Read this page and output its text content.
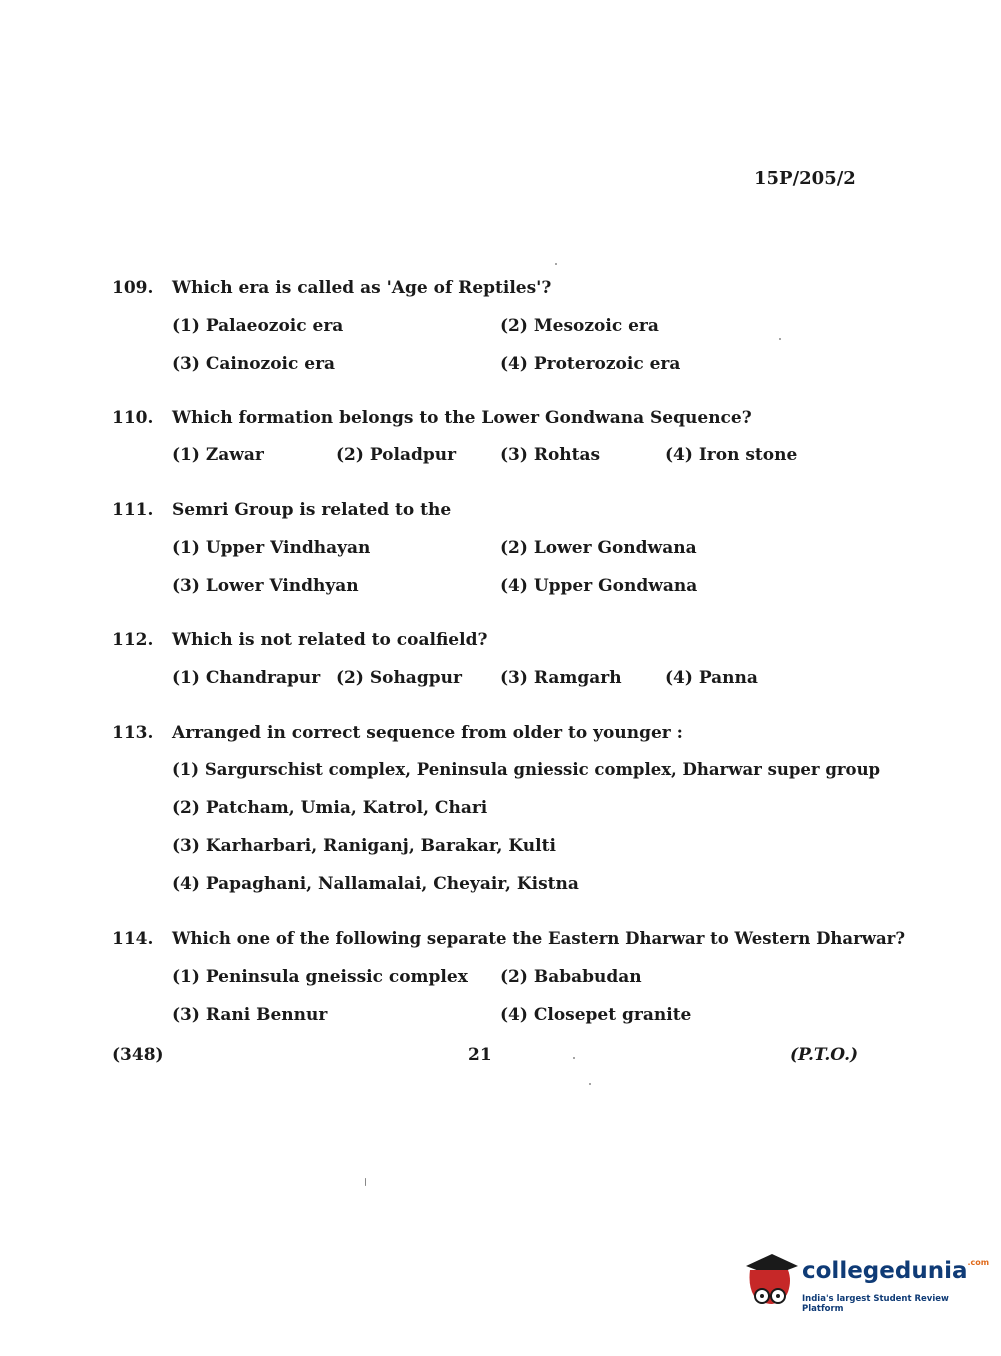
15P/205/2
109. Which era is called as 'Age of Reptiles'?
(1) Palaeozoic era	(2) Mesozoic era
(3) Cainozoic era	(4) Proterozoic era
110. Which formation belongs to the Lower Gondwana Sequence?
(1) Zawar	(2) Poladpur	(3) Rohtas	(4) Iron stone
111. Semri Group is related to the
(1) Upper Vindhayan	(2) Lower Gondwana
(3) Lower Vindhyan	(4) Upper Gondwana
112. Which is not related to coalfield?
(1) Chandrapur (2) Sohagpur (3) Ramgarh	(4) Panna
113. Arranged in correct sequence from older to younger :
(1) Sargurschist complex, Peninsula gniessic complex, Dharwar super group
(2) Patcham, Umia, Katrol, Chari
(3) Karharbari, Raniganj, Barakar, Kulti
(4) Papaghani, Nallamalai, Cheyair, Kistna
114. Which one of the following separate the Eastern Dharwar to Western Dharwar?
(1) Peninsula gneissic complex (2) Bababudan
(3) Rani Bennur	(4) Closepet granite
(348)	21	(P.T.O.)
collegedunia$^{.com}$
India's largest Student Review Platform
